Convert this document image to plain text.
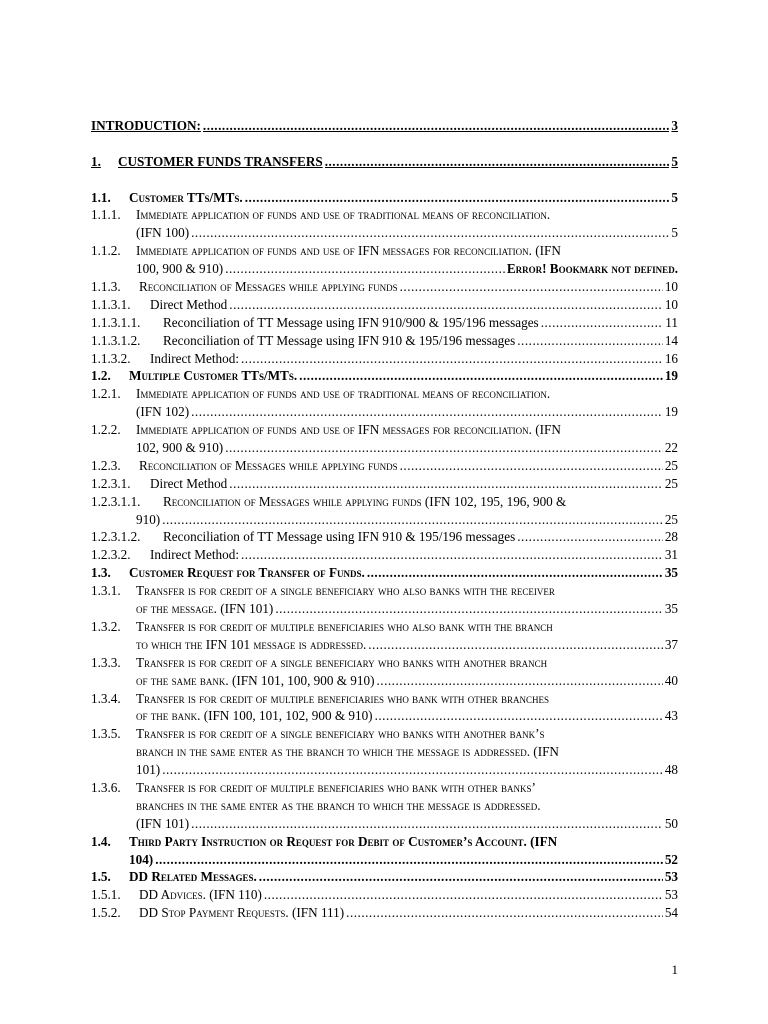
INTRODUCTION: .....	3
1.	CUSTOMER FUNDS TRANSFERS .....	5
1.1.	Customer TTs/MTs. .....	5
1.1.1.	Immediate application of funds and use of traditional means of reconciliation.
(IFN 100) .....	5
1.1.2.	Immediate application of funds and use of IFN messages for reconciliation. (IFN
100, 900 & 910) .....	Error! Bookmark not defined.
1.1.3.	Reconciliation of Messages while applying funds .....	10
1.1.3.1.	Direct Method .....	10
1.1.3.1.1.	Reconciliation of TT Message using IFN 910/900 & 195/196 messages .....	11
1.1.3.1.2.	Reconciliation of TT Message using IFN 910 & 195/196 messages .....	14
1.1.3.2.	Indirect Method: .....	16
1.2.	Multiple Customer TTs/MTs. .....	19
1.2.1.	Immediate application of funds and use of traditional means of reconciliation.
(IFN 102) .....	19
1.2.2.	Immediate application of funds and use of IFN messages for reconciliation. (IFN
102, 900 & 910) .....	22
1.2.3.	Reconciliation of Messages while applying funds .....	25
1.2.3.1.	Direct Method .....	25
1.2.3.1.1.	Reconciliation of Messages while applying funds (IFN 102, 195, 196, 900 &
910) .....	25
1.2.3.1.2.	Reconciliation of TT Message using IFN 910 & 195/196 messages .....	28
1.2.3.2.	Indirect Method: .....	31
1.3.	Customer Request for Transfer of Funds. .....	35
1.3.1.	Transfer is for credit of a single beneficiary who also banks with the receiver
of the message. (IFN 101) .....	35
1.3.2.	Transfer is for credit of multiple beneficiaries who also bank with the branch
to which the IFN 101 message is addressed. .....	37
1.3.3.	Transfer is for credit of a single beneficiary who banks with another branch
of the same bank. (IFN 101, 100, 900 & 910) .....	40
1.3.4.	Transfer is for credit of multiple beneficiaries who bank with other branches
of the bank. (IFN 100, 101, 102, 900 & 910) .....	43
1.3.5.	Transfer is for credit of a single beneficiary who banks with another bank’s
branch in the same enter as the branch to which the message is addressed. (IFN
101) .....	48
1.3.6.	Transfer is for credit of multiple beneficiaries who bank with other banks’
branches in the same enter as the branch to which the message is addressed.
(IFN 101) .....	50
1.4.	Third Party Instruction or Request for Debit of Customer’s Account. (IFN
104) .....	52
1.5.	DD Related Messages. .....	53
1.5.1.	DD Advices. (IFN 110) .....	53
1.5.2.	DD Stop Payment Requests. (IFN 111) .....	54
1
